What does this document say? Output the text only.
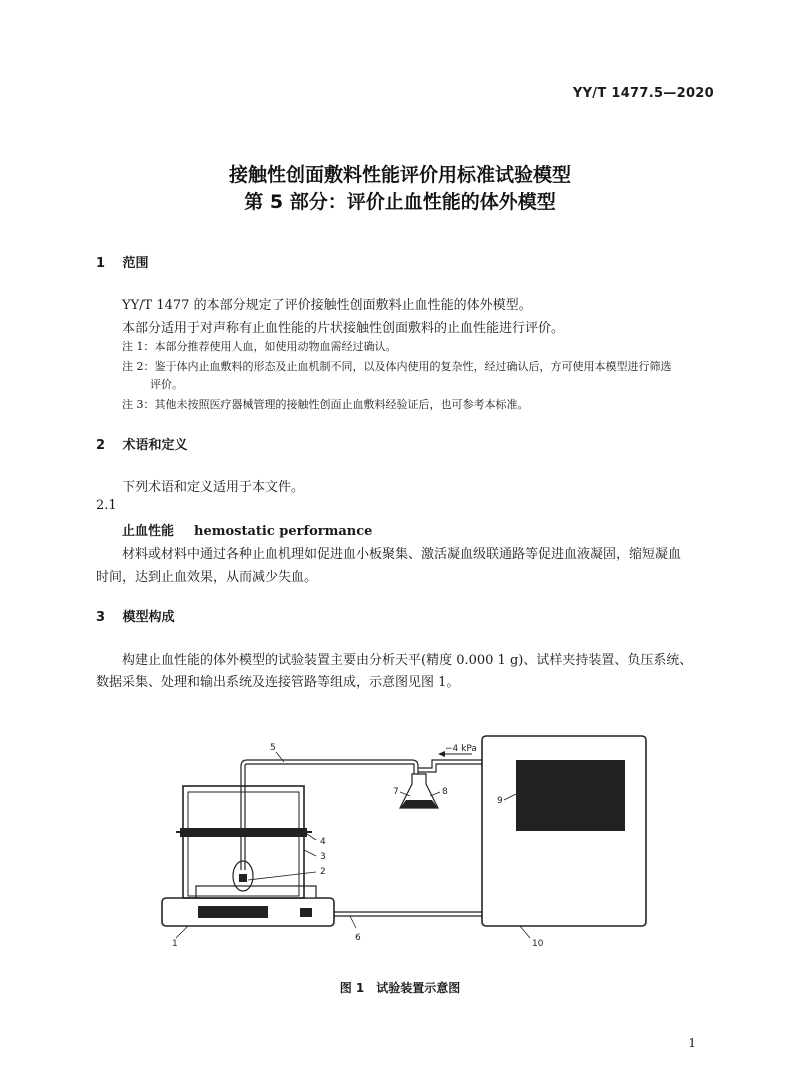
YY/T 1477.5—2020
接触性创面敷料性能评价用标准试验模型
第 5 部分：评价止血性能的体外模型
1 范围
YY/T 1477 的本部分规定了评价接触性创面敷料止血性能的体外模型。
本部分适用于对声称有止血性能的片状接触性创面敷料的止血性能进行评价。
注 1：本部分推荐使用人血，如使用动物血需经过确认。
注 2：鉴于体内止血敷料的形态及止血机制不同，以及体内使用的复杂性，经过确认后，方可使用本模型进行筛选
评价。
注 3：其他未按照医疗器械管理的接触性创面止血敷料经验证后，也可参考本标准。
2 术语和定义
下列术语和定义适用于本文件。
2.1
止血性能 hemostatic performance
材料或材料中通过各种止血机理如促进血小板聚集、激活凝血级联通路等促进血液凝固，缩短凝血
时间，达到止血效果，从而减少失血。
3 模型构成
构建止血性能的体外模型的试验装置主要由分析天平(精度 0.000 1 g)、试样夹持装置、负压系统、
数据采集、处理和输出系统及连接管路等组成，示意图见图 1。
−4 kPa
1
2
3
4
5
6
7	8
9
10
图 1　试验装置示意图
1
